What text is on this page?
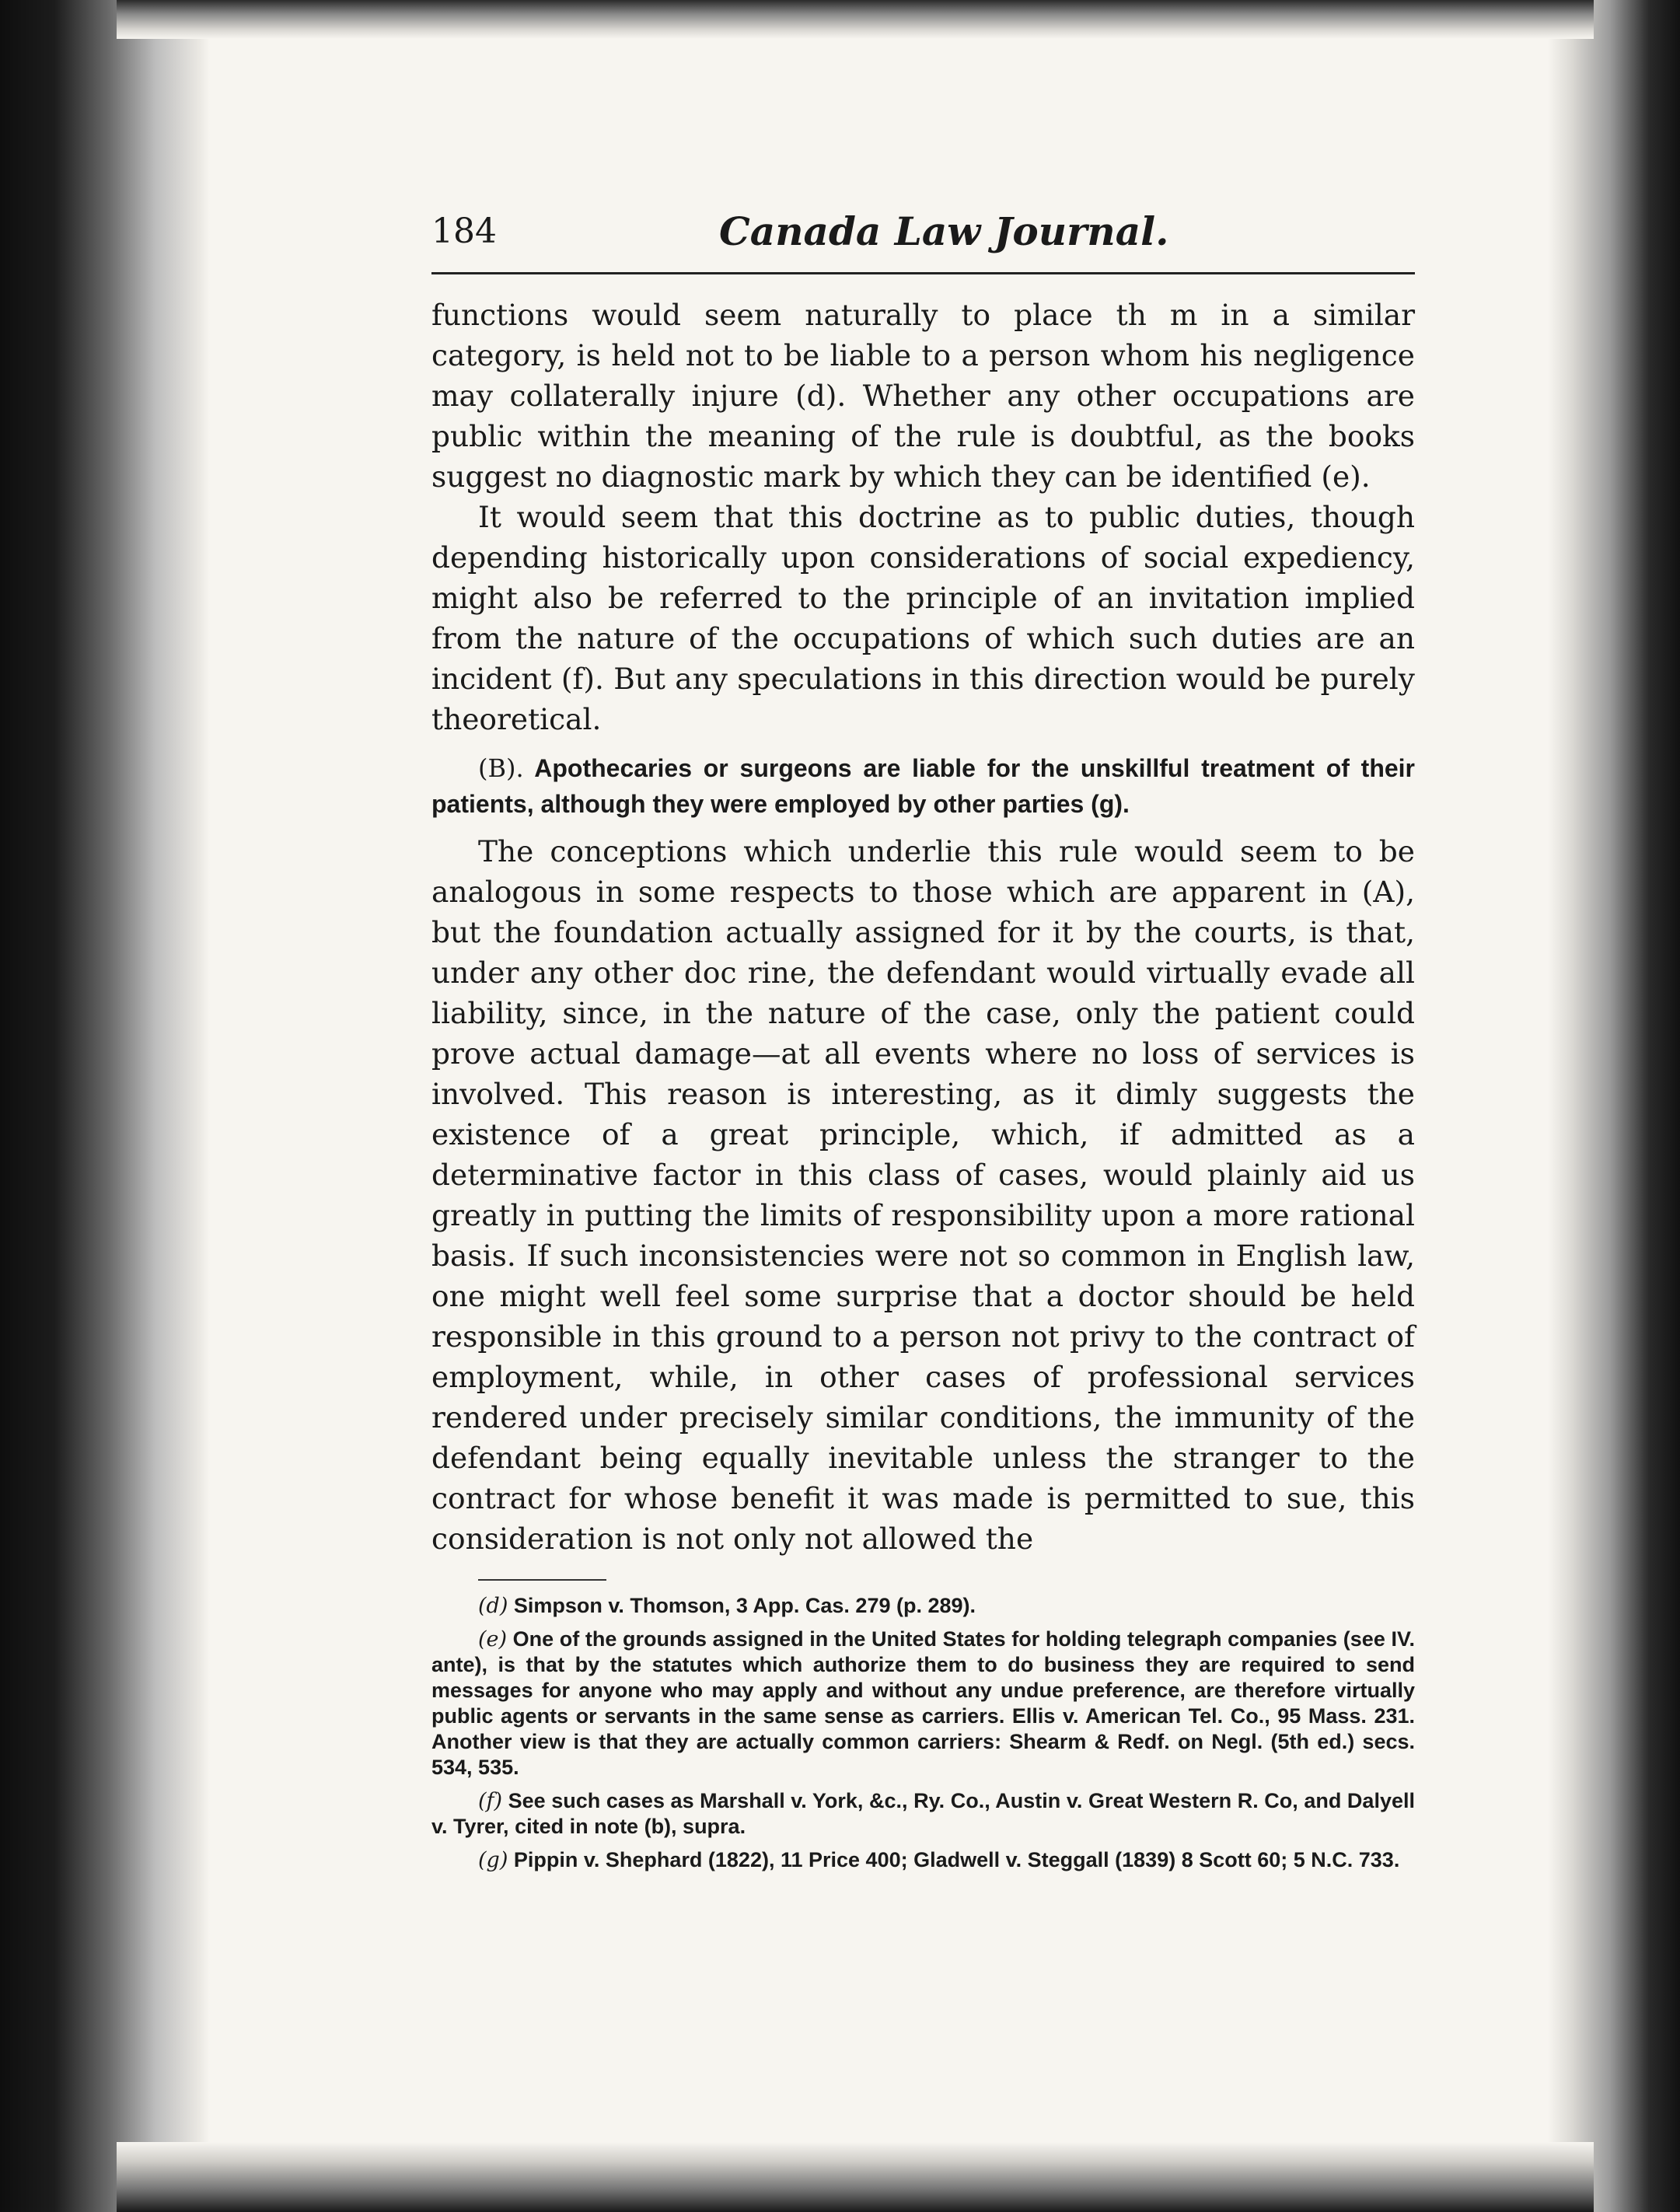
184	Canada Law Journal.

functions would seem naturally to place th m in a similar category, is held not to be liable to a person whom his negligence may collaterally injure (d). Whether any other occupations are public within the meaning of the rule is doubtful, as the books suggest no diagnostic mark by which they can be identified (e).

It would seem that this doctrine as to public duties, though depending historically upon considerations of social expediency, might also be referred to the principle of an invitation implied from the nature of the occupations of which such duties are an incident (f). But any speculations in this direction would be purely theoretical.

(B). Apothecaries or surgeons are liable for the unskillful treatment of their patients, although they were employed by other parties (g).

The conceptions which underlie this rule would seem to be analogous in some respects to those which are apparent in (A), but the foundation actually assigned for it by the courts, is that, under any other doc rine, the defendant would virtually evade all liability, since, in the nature of the case, only the patient could prove actual damage—at all events where no loss of services is involved. This reason is interesting, as it dimly suggests the existence of a great principle, which, if admitted as a determinative factor in this class of cases, would plainly aid us greatly in putting the limits of responsibility upon a more rational basis. If such inconsistencies were not so common in English law, one might well feel some surprise that a doctor should be held responsible in this ground to a person not privy to the contract of employment, while, in other cases of professional services rendered under precisely similar conditions, the immunity of the defendant being equally inevitable unless the stranger to the contract for whose benefit it was made is permitted to sue, this consideration is not only not allowed the

(d) Simpson v. Thomson, 3 App. Cas. 279 (p. 289).

(e) One of the grounds assigned in the United States for holding telegraph companies (see IV. ante), is that by the statutes which authorize them to do business they are required to send messages for anyone who may apply and without any undue preference, are therefore virtually public agents or servants in the same sense as carriers. Ellis v. American Tel. Co., 95 Mass. 231. Another view is that they are actually common carriers: Shearm & Redf. on Negl. (5th ed.) secs. 534, 535.

(f) See such cases as Marshall v. York, &c., Ry. Co., Austin v. Great Western R. Co, and Dalyell v. Tyrer, cited in note (b), supra.

(g) Pippin v. Shephard (1822), 11 Price 400; Gladwell v. Steggall (1839) 8 Scott 60; 5 N.C. 733.
